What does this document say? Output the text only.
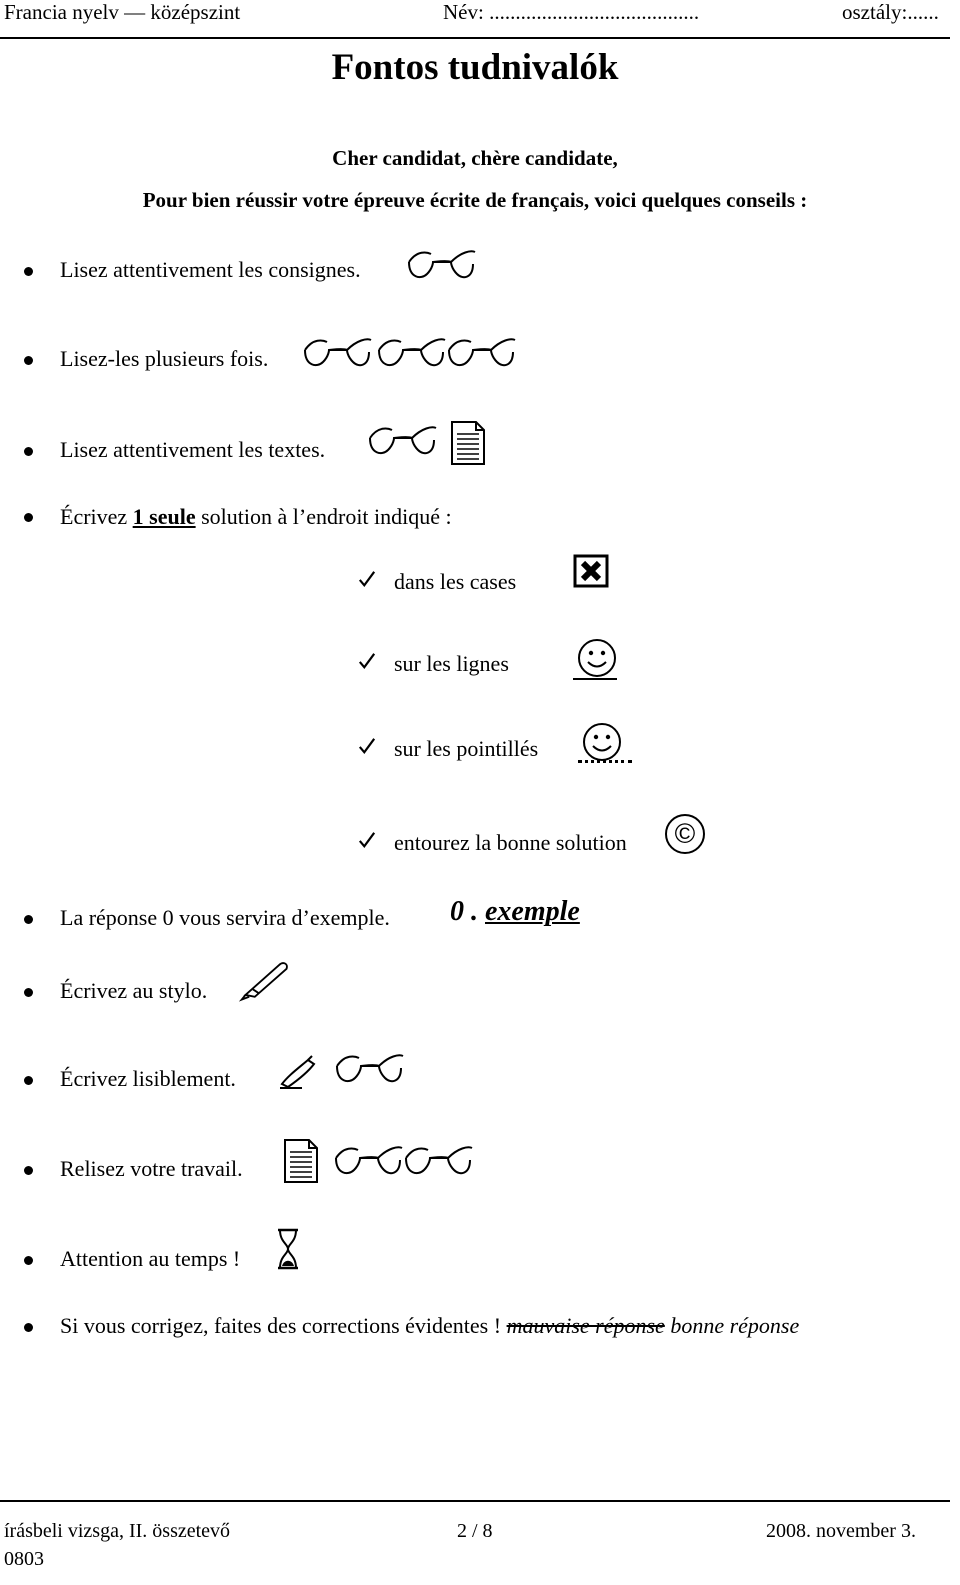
Francia nyelv — középszint	Név: ........................................	osztály:......
Fontos tudnivalók
Cher candidat, chère candidate,
Pour bien réussir votre épreuve écrite de français, voici quelques conseils :
Lisez attentivement les consignes.
Lisez-les plusieurs fois.
Lisez attentivement les textes.
Écrivez 1 seule solution à l’endroit indiqué :
dans les cases
sur les lignes
sur les pointillés
entourez la bonne solution	©
La réponse 0 vous servira d’exemple. 0 . exemple
Écrivez au stylo.
Écrivez lisiblement.
Relisez votre travail.
Attention au temps !
Si vous corrigez, faites des corrections évidentes ! mauvaise réponse bonne réponse
írásbeli vizsga, II. összetevő
0803
2 / 8	2008. november 3.
